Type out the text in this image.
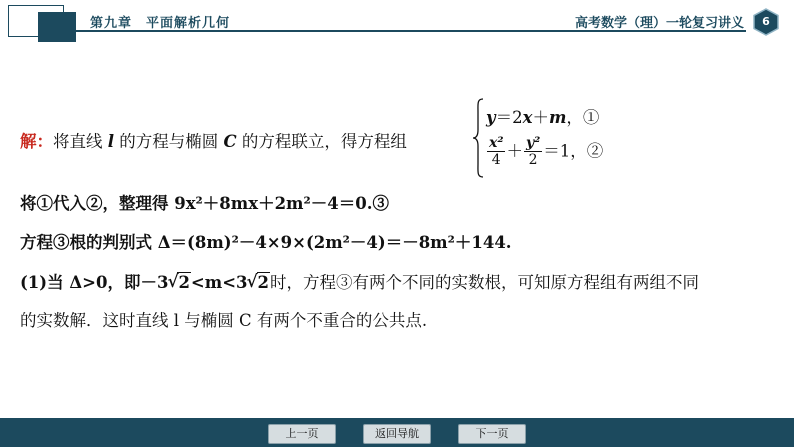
第九章　平面解析几何	高考数学（理）一轮复习讲义	6
解：将直线 l 的方程与椭圆 C 的方程联立，得方程组
y＝2x＋m，①
$\frac{\text{x²}}{4} + \frac{\text{y²}}{2} =1$，②
将①代入②，整理得 9x²＋8mx＋2m²－4＝0.③
方程③根的判别式 Δ＝(8m)²－4×9×(2m²－4)＝－8m²＋144.
(1)当 Δ>0，即－3 √ 2<m<3 √ 2时，方程③有两个不同的实数根，可知原方程组有两组不同
的实数解．这时直线 l 与椭圆 C 有两个不重合的公共点.
上一页	返回导航	下一页
